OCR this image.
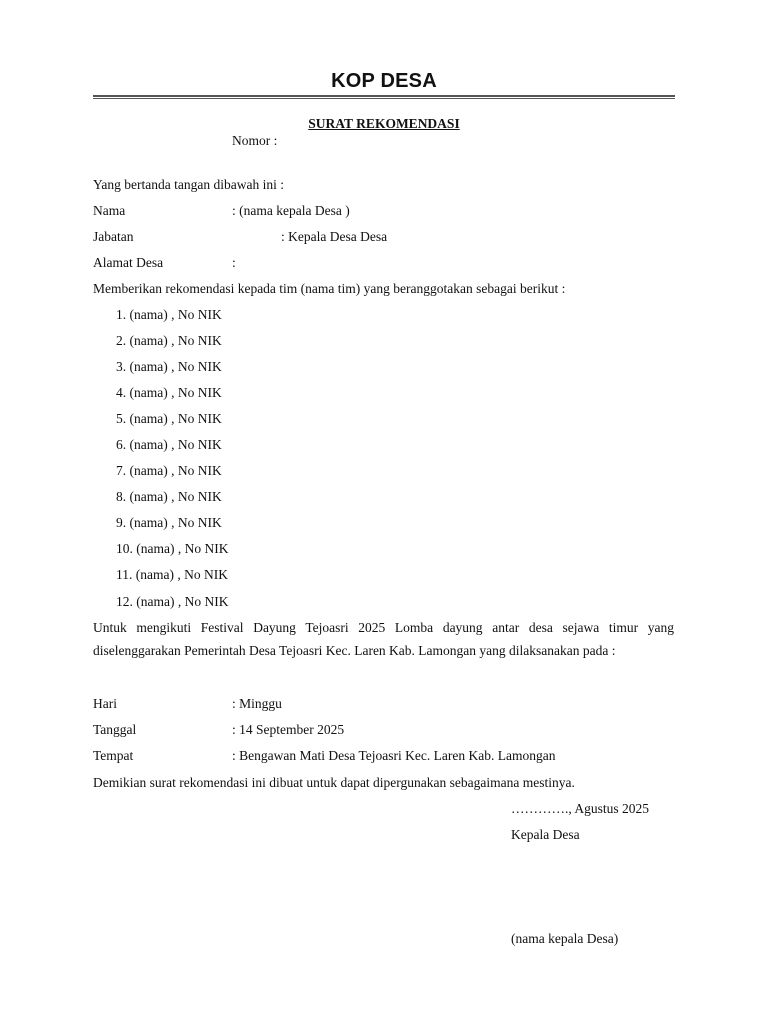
KOP DESA
SURAT REKOMENDASI
Nomor :
Yang bertanda tangan dibawah ini :
Nama	: (nama kepala Desa )
Jabatan	: Kepala Desa Desa
Alamat Desa	:
Memberikan rekomendasi kepada tim (nama tim) yang beranggotakan sebagai berikut :
1. (nama) , No NIK
2. (nama) , No NIK
3. (nama) , No NIK
4. (nama) , No NIK
5. (nama) , No NIK
6. (nama) , No NIK
7. (nama) , No NIK
8. (nama) , No NIK
9. (nama) , No NIK
10. (nama) , No NIK
11. (nama) , No NIK
12. (nama) , No NIK
Untuk mengikuti Festival Dayung Tejoasri 2025 Lomba dayung antar desa sejawa timur yang diselenggarakan Pemerintah Desa Tejoasri Kec. Laren Kab. Lamongan yang dilaksanakan pada :
Hari	: Minggu
Tanggal	: 14 September 2025
Tempat	: Bengawan Mati Desa Tejoasri Kec. Laren Kab. Lamongan
Demikian surat rekomendasi ini dibuat untuk dapat dipergunakan sebagaimana mestinya.
…………., Agustus 2025
Kepala Desa
(nama kepala Desa)
